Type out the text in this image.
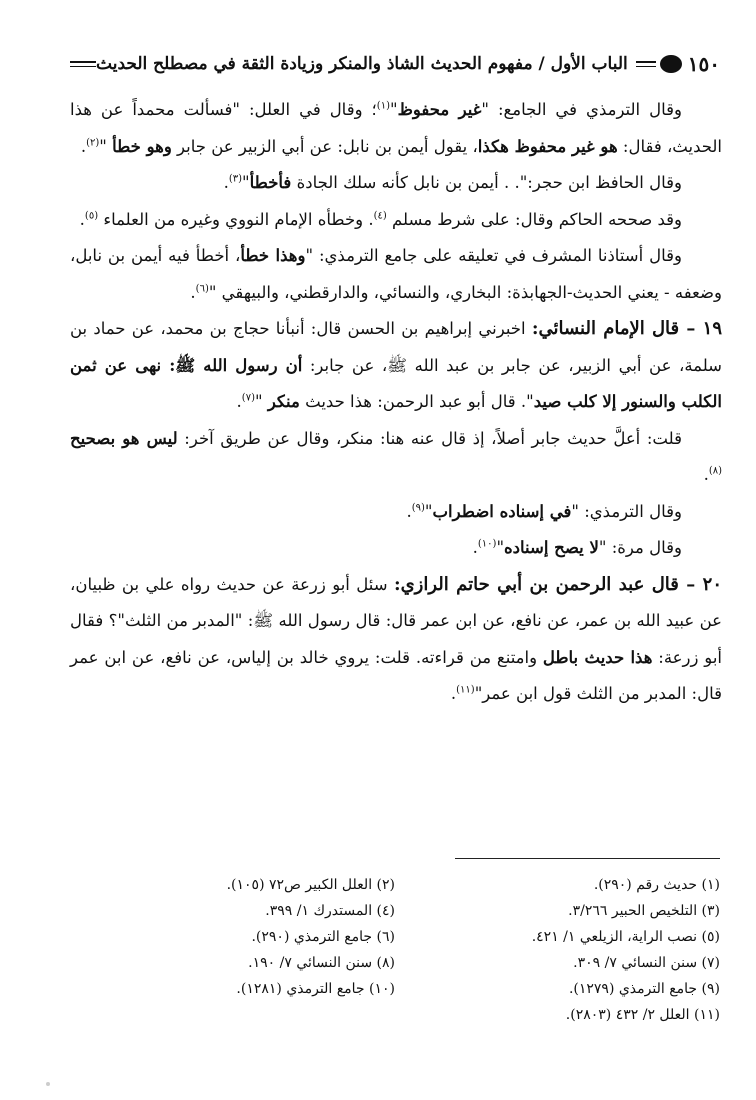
١٥٠
الباب الأول / مفهوم الحديث الشاذ والمنكر وزيادة الثقة في مصطلح الحديث

وقال الترمذي في الجامع: "غير محفوظ"$^{(١)}$؛ وقال في العلل: "فسألت محمداً عن هذا الحديث، فقال: هو غير محفوظ هكذا، يقول أيمن بن نابل: عن أبي الزبير عن جابر وهو خطأ "$^{(٢)}$.

وقال الحافظ ابن حجر:". . أيمن بن نابل كأنه سلك الجادة فأخطأ"$^{(٣)}$.

وقد صححه الحاكم وقال: على شرط مسلم $^{(٤)}$. وخطأه الإمام النووي وغيره من العلماء $^{(٥)}$.

وقال أستاذنا المشرف في تعليقه على جامع الترمذي: "وهذا خطأ، أخطأ فيه أيمن بن نابل، وضعفه - يعني الحديث-الجهابذة: البخاري، والنسائي، والدارقطني، والبيهقي "$^{(٦)}$.

١٩ – قال الإمام النسائي: اخبرني إبراهيم بن الحسن قال: أنبأنا حجاج بن محمد، عن حماد بن سلمة، عن أبي الزبير، عن جابر بن عبد الله ﷺ، عن جابر: أن رسول الله ﷺ: نهى عن ثمن الكلب والسنور إلا كلب صيد". قال أبو عبد الرحمن: هذا حديث منكر "$^{(٧)}$.

قلت: أعلَّ حديث جابر أصلاً، إذ قال عنه هنا: منكر، وقال عن طريق آخر: ليس هو بصحيح $^{(٨)}$.

وقال الترمذي: "في إسناده اضطراب"$^{(٩)}$.

وقال مرة: "لا يصح إسناده"$^{(١٠)}$.

٢٠ – قال عبد الرحمن بن أبي حاتم الرازي: سئل أبو زرعة عن حديث رواه علي بن ظبيان، عن عبيد الله بن عمر، عن نافع، عن ابن عمر قال: قال رسول الله ﷺ: "المدبر من الثلث"؟ فقال أبو زرعة: هذا حديث باطل وامتنع من قراءته. قلت: يروي خالد بن إلياس، عن نافع، عن ابن عمر قال: المدبر من الثلث قول ابن عمر"$^{(١١)}$.

(١) حديث رقم (٢٩٠).
(٢) العلل الكبير ص٧٢ (١٠٥).
(٣) التلخيص الحبير ٣/٢٦٦.
(٤) المستدرك ١/ ٣٩٩.
(٥) نصب الراية، الزيلعي ١/ ٤٢١.
(٦) جامع الترمذي (٢٩٠).
(٧) سنن النسائي ٧/ ٣٠٩.
(٨) سنن النسائي ٧/ ١٩٠.
(٩) جامع الترمذي (١٢٧٩).
(١٠) جامع الترمذي (١٢٨١).
(١١) العلل ٢/ ٤٣٢ (٢٨٠٣).
